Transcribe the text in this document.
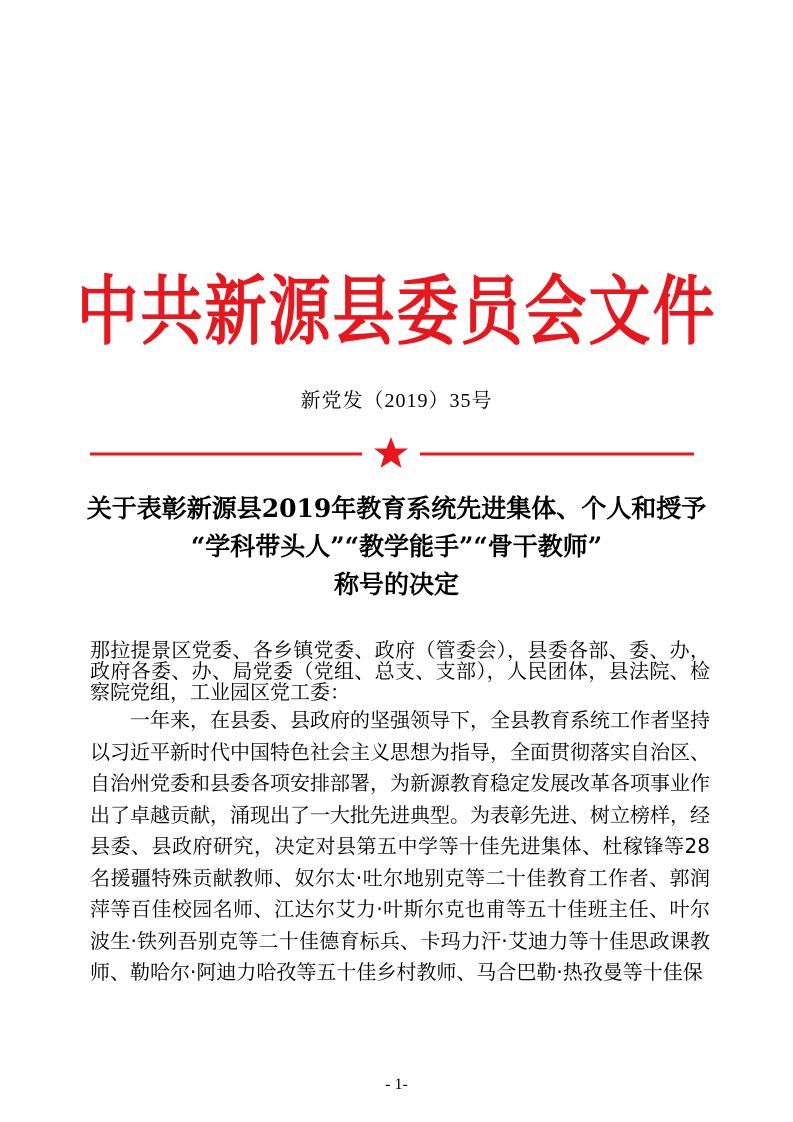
中共新源县委员会文件
新党发（2019）35号
关于表彰新源县2019年教育系统先进集体、个人和授予
“学科带头人”“教学能手”“骨干教师”
称号的决定

那拉提景区党委、各乡镇党委、政府（管委会），县委各部、委、办，政府各委、办、局党委（党组、总支、支部），人民团体，县法院、检察院党组，工业园区党工委：

一年来，在县委、县政府的坚强领导下，全县教育系统工作者坚持以习近平新时代中国特色社会主义思想为指导，全面贯彻落实自治区、自治州党委和县委各项安排部署，为新源教育稳定发展改革各项事业作出了卓越贡献，涌现出了一大批先进典型。为表彰先进、树立榜样，经县委、县政府研究，决定对县第五中学等十佳先进集体、杜稼锋等28名援疆特殊贡献教师、奴尔太·吐尔地别克等二十佳教育工作者、郭润萍等百佳校园名师、江达尔艾力·叶斯尔克也甫等五十佳班主任、叶尔波生·铁列吾别克等二十佳德育标兵、卡玛力汗·艾迪力等十佳思政课教师、勒哈尔·阿迪力哈孜等五十佳乡村教师、马合巴勒·热孜曼等十佳保

- 1-
